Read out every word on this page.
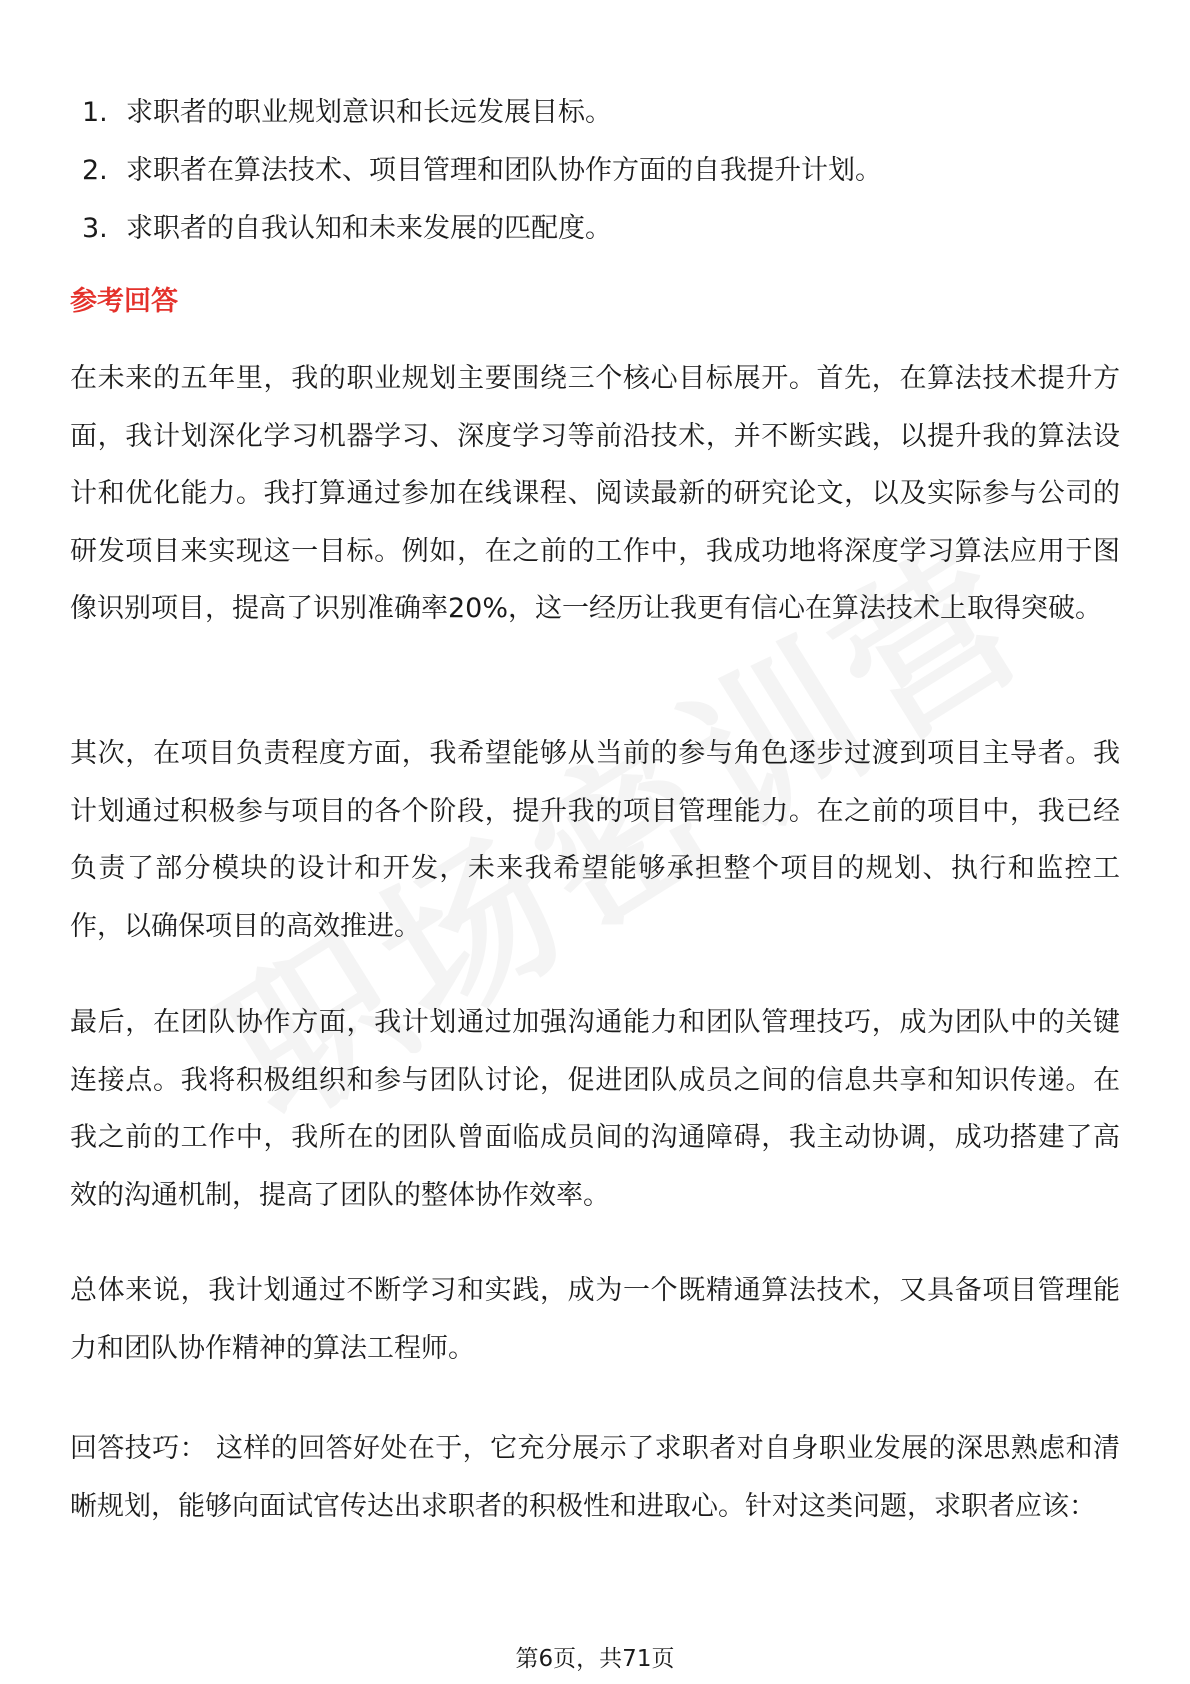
1. 求职者的职业规划意识和长远发展目标。
2. 求职者在算法技术、项目管理和团队协作方面的自我提升计划。
3. 求职者的自我认知和未来发展的匹配度。
参考回答

在未来的五年里，我的职业规划主要围绕三个核心目标展开。首先，在算法技术提升方面，我计划深化学习机器学习、深度学习等前沿技术，并不断实践，以提升我的算法设计和优化能力。我打算通过参加在线课程、阅读最新的研究论文，以及实际参与公司的研发项目来实现这一目标。例如，在之前的工作中，我成功地将深度学习算法应用于图像识别项目，提高了识别准确率20%，这一经历让我更有信心在算法技术上取得突破。

其次，在项目负责程度方面，我希望能够从当前的参与角色逐步过渡到项目主导者。我计划通过积极参与项目的各个阶段，提升我的项目管理能力。在之前的项目中，我已经负责了部分模块的设计和开发，未来我希望能够承担整个项目的规划、执行和监控工作，以确保项目的高效推进。

最后，在团队协作方面，我计划通过加强沟通能力和团队管理技巧，成为团队中的关键连接点。我将积极组织和参与团队讨论，促进团队成员之间的信息共享和知识传递。在我之前的工作中，我所在的团队曾面临成员间的沟通障碍，我主动协调，成功搭建了高效的沟通机制，提高了团队的整体协作效率。

总体来说，我计划通过不断学习和实践，成为一个既精通算法技术，又具备项目管理能力和团队协作精神的算法工程师。

回答技巧： 这样的回答好处在于，它充分展示了求职者对自身职业发展的深思熟虑和清晰规划，能够向面试官传达出求职者的积极性和进取心。针对这类问题，求职者应该：

第6页，共71页
